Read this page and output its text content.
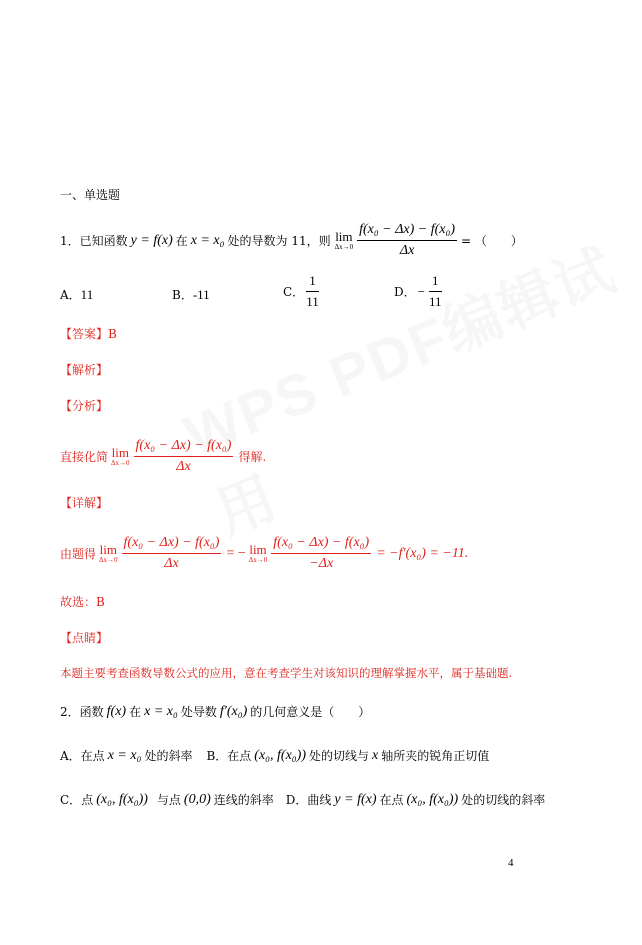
一、单选题
1． 已知函数 y = f(x) 在 x = x₀ 处的导数为 11，则 lim
$\Delta x\to 0 \frac{\text{f(x₀ − Δx) − f(x₀)}}{\Delta x}$ = （　　）
A．11	B．-11	C． $\frac{1}{11}$	D． − $\frac{1}{11}$
【答案】B
【解析】
【分析】
直接化简 lim
$\Delta x\to 0 \frac{\text{f(x₀ − Δx) − f(x₀)}}{\Delta x}$ 得解.
【详解】
由题得 lim
$\Delta x\to 0 \frac{\text{f(x₀ − Δx) − f(x₀)}}{\Delta x}$ = − lim
$\Delta x\to 0 \frac{\text{f(x₀ − Δx) − f(x₀)}}{-\Delta x} = -f'(x_0) = -11$.
故选：B
【点睛】
本题主要考查函数导数公式的应用，意在考查学生对该知识的理解掌握水平，属于基础题.
2． 函数 f(x) 在 x = x₀ 处导数 f′(x₀) 的几何意义是（　　）
A． 在点 x = x₀ 处的斜率 B． 在点 (x₀, f(x₀)) 处的切线与 x 轴所夹的锐角正切值
C． 点 (x₀, f(x₀)) 与点 (0,0) 连线的斜率 D． 曲线 y = f(x) 在点 (x₀, f(x₀)) 处的切线的斜率
4
